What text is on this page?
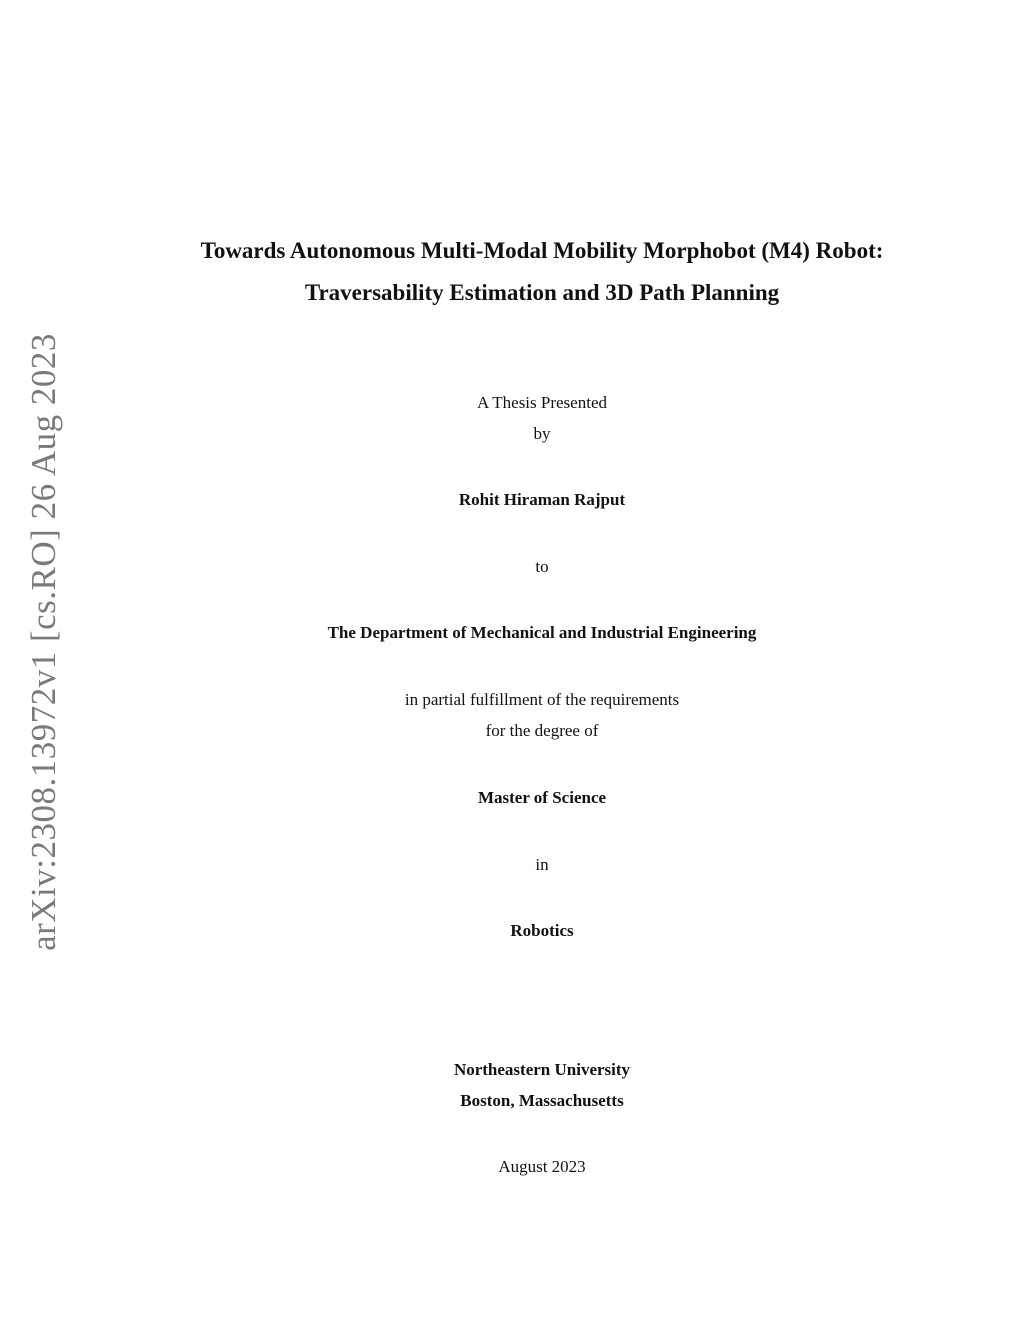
arXiv:2308.13972v1 [cs.RO] 26 Aug 2023
Towards Autonomous Multi-Modal Mobility Morphobot (M4) Robot:
Traversability Estimation and 3D Path Planning
A Thesis Presented
by
Rohit Hiraman Rajput
to
The Department of Mechanical and Industrial Engineering
in partial fulfillment of the requirements
for the degree of
Master of Science
in
Robotics
Northeastern University
Boston, Massachusetts
August 2023
